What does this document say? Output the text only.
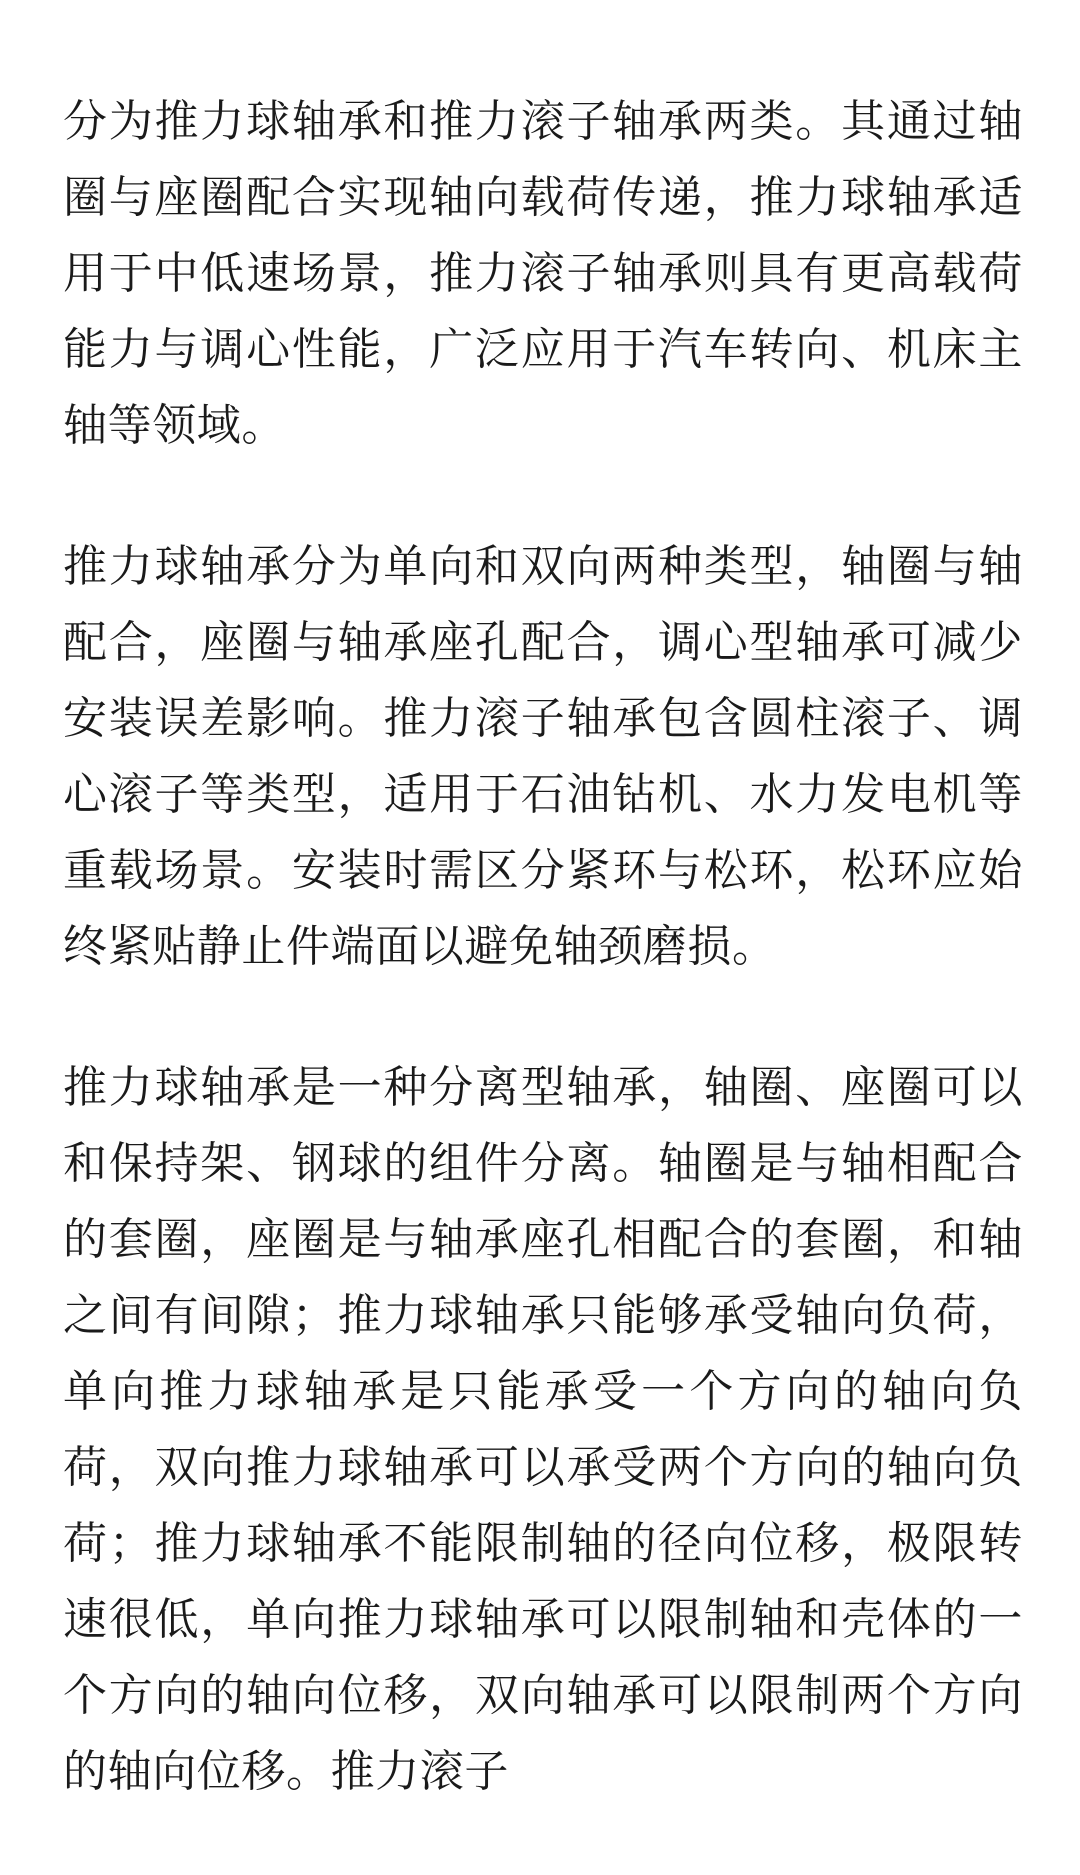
分为推力球轴承和推力滚子轴承两类。其通过轴圈与座圈配合实现轴向载荷传递，推力球轴承适用于中低速场景，推力滚子轴承则具有更高载荷能力与调心性能，广泛应用于汽车转向、机床主轴等领域。

推力球轴承分为单向和双向两种类型，轴圈与轴配合，座圈与轴承座孔配合，调心型轴承可减少安装误差影响。推力滚子轴承包含圆柱滚子、调心滚子等类型，适用于石油钻机、水力发电机等重载场景。安装时需区分紧环与松环，松环应始终紧贴静止件端面以避免轴颈磨损。

推力球轴承是一种分离型轴承，轴圈、座圈可以和保持架、钢球的组件分离。轴圈是与轴相配合的套圈，座圈是与轴承座孔相配合的套圈，和轴之间有间隙；推力球轴承只能够承受轴向负荷，单向推力球轴承是只能承受一个方向的轴向负荷，双向推力球轴承可以承受两个方向的轴向负荷；推力球轴承不能限制轴的径向位移，极限转速很低，单向推力球轴承可以限制轴和壳体的一个方向的轴向位移，双向轴承可以限制两个方向的轴向位移。推力滚子
